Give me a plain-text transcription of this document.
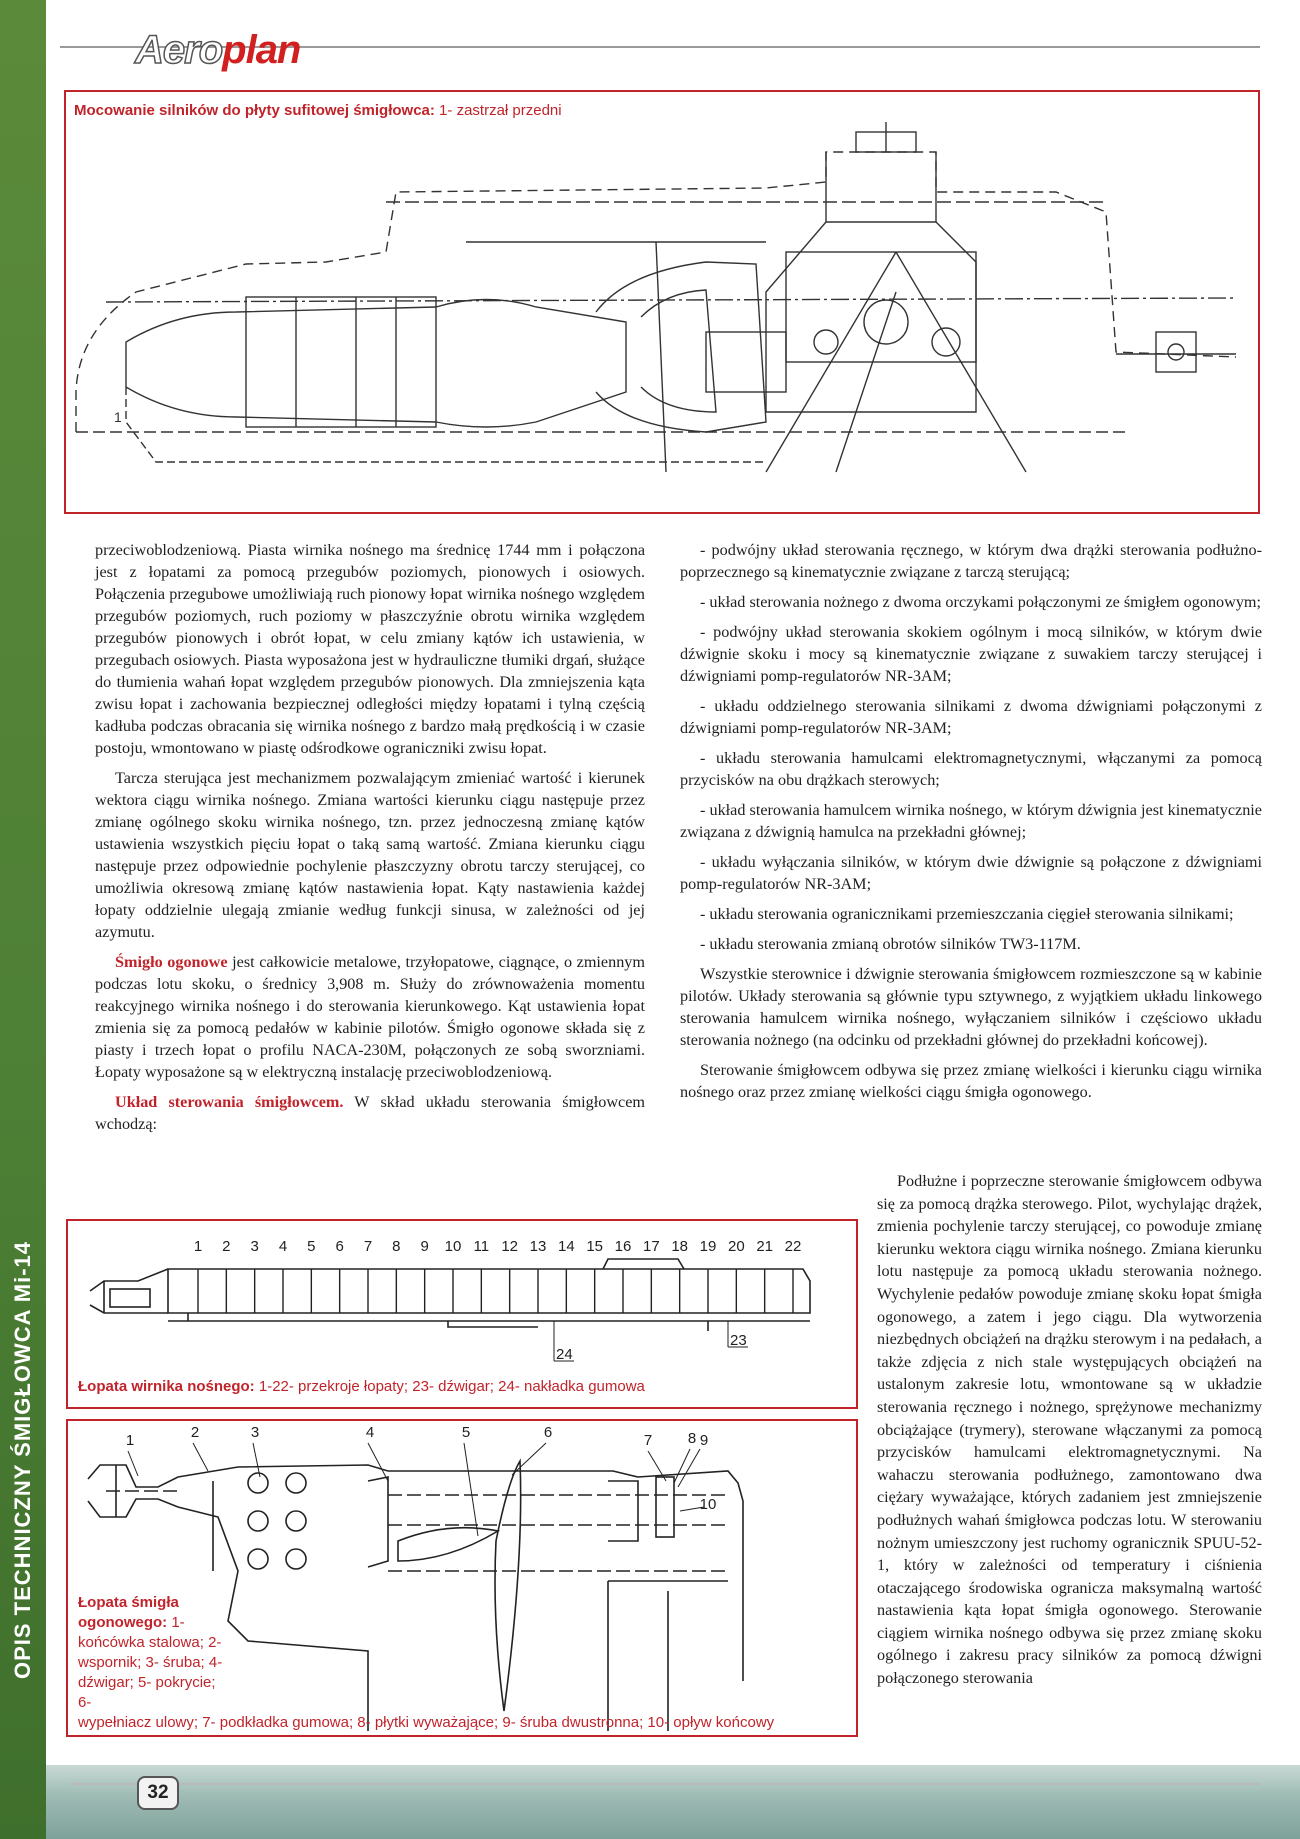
OPIS TECHNICZNY ŚMIGŁOWCA Mi-14
Aeroplan
Mocowanie silników do płyty sufitowej śmigłowca: 1- zastrzał przedni
1

przeciwoblodzeniową. Piasta wirnika nośnego ma średnicę 1744 mm i połączona jest z łopatami za pomocą przegubów poziomych, pionowych i osiowych. Połączenia przegubowe umożliwiają ruch pionowy łopat wirnika nośnego względem przegubów poziomych, ruch poziomy w płaszczyźnie obrotu wirnika względem przegubów pionowych i obrót łopat, w celu zmiany kątów ich ustawienia, w przegubach osiowych. Piasta wyposażona jest w hydrauliczne tłumiki drgań, służące do tłumienia wahań łopat względem przegubów pionowych. Dla zmniejszenia kąta zwisu łopat i zachowania bezpiecznej odległości między łopatami i tylną częścią kadłuba podczas obracania się wirnika nośnego z bardzo małą prędkością i w czasie postoju, wmontowano w piastę odśrodkowe ograniczniki zwisu łopat.

Tarcza sterująca jest mechanizmem pozwalającym zmieniać wartość i kierunek wektora ciągu wirnika nośnego. Zmiana wartości kierunku ciągu następuje przez zmianę ogólnego skoku wirnika nośnego, tzn. przez jednoczesną zmianę kątów ustawienia wszystkich pięciu łopat o taką samą wartość. Zmiana kierunku ciągu następuje przez odpowiednie pochylenie płaszczyzny obrotu tarczy sterującej, co umożliwia okresową zmianę kątów nastawienia łopat. Kąty nastawienia każdej łopaty oddzielnie ulegają zmianie według funkcji sinusa, w zależności od jej azymutu.

Śmigło ogonowe jest całkowicie metalowe, trzyłopatowe, ciągnące, o zmiennym podczas lotu skoku, o średnicy 3,908 m. Służy do zrównoważenia momentu reakcyjnego wirnika nośnego i do sterowania kierunkowego. Kąt ustawienia łopat zmienia się za pomocą pedałów w kabinie pilotów. Śmigło ogonowe składa się z piasty i trzech łopat o profilu NACA-230M, połączonych ze sobą sworzniami. Łopaty wyposażone są w elektryczną instalację przeciwoblodzeniową.

Układ sterowania śmigłowcem. W skład układu sterowania śmigłowcem wchodzą:

- podwójny układ sterowania ręcznego, w którym dwa drążki sterowania podłużno-poprzecznego są kinematycznie związane z tarczą sterującą;

- układ sterowania nożnego z dwoma orczykami połączonymi ze śmigłem ogonowym;

- podwójny układ sterowania skokiem ogólnym i mocą silników, w którym dwie dźwignie skoku i mocy są kinematycznie związane z suwakiem tarczy sterującej i dźwigniami pomp-regulatorów NR-3AM;

- układu oddzielnego sterowania silnikami z dwoma dźwigniami połączonymi z dźwigniami pomp-regulatorów NR-3AM;

- układu sterowania hamulcami elektromagnetycznymi, włączanymi za pomocą przycisków na obu drążkach sterowych;

- układ sterowania hamulcem wirnika nośnego, w którym dźwignia jest kinematycznie związana z dźwignią hamulca na przekładni głównej;

- układu wyłączania silników, w którym dwie dźwignie są połączone z dźwigniami pomp-regulatorów NR-3AM;

- układu sterowania ogranicznikami przemieszczania cięgieł sterowania silnikami;

- układu sterowania zmianą obrotów silników TW3-117M.

Wszystkie sterownice i dźwignie sterowania śmigłowcem rozmieszczone są w kabinie pilotów. Układy sterowania są głównie typu sztywnego, z wyjątkiem układu linkowego sterowania hamulcem wirnika nośnego, wyłączaniem silników i częściowo układu sterowania nożnego (na odcinku od przekładni głównej do przekładni końcowej).

Sterowanie śmigłowcem odbywa się przez zmianę wielkości i kierunku ciągu wirnika nośnego oraz przez zmianę wielkości ciągu śmigła ogonowego.

Podłużne i poprzeczne sterowanie śmigłowcem odbywa się za pomocą drążka sterowego. Pilot, wychylając drążek, zmienia pochylenie tarczy sterującej, co powoduje zmianę kierunku wektora ciągu wirnika nośnego. Zmiana kierunku lotu następuje za pomocą układu sterowania nożnego. Wychylenie pedałów powoduje zmianę skoku łopat śmigła ogonowego, a zatem i jego ciągu. Dla wytworzenia niezbędnych obciążeń na drążku sterowym i na pedałach, a także zdjęcia z nich stale występujących obciążeń na ustalonym zakresie lotu, wmontowane są w układzie sterowania ręcznego i nożnego, sprężynowe mechanizmy obciążające (trymery), sterowane włączanymi za pomocą przycisków hamulcami elektromagnetycznymi. Na wahaczu sterowania podłużnego, zamontowano dwa ciężary wyważające, których zadaniem jest zmniejszenie podłużnych wahań śmigłowca podczas lotu. W sterowaniu nożnym umieszczony jest ruchomy ogranicznik SPUU-52-1, który w zależności od temperatury i ciśnienia otaczającego środowiska ogranicza maksymalną wartość nastawienia kąta łopat śmigła ogonowego. Sterowanie ciągiem wirnika nośnego odbywa się przez zmianę skoku ogólnego i zakresu pracy silników za pomocą dźwigni połączonego sterowania
1 2 3 4 5 6 7 8 9 10 11 12 13 14 15 16 17 18 19 20 21 22
24
23
Łopata wirnika nośnego: 1-22- przekroje łopaty; 23- dźwigar; 24- nakładka gumowa
1	2	3	4	5	6	7 8 9
10
Łopata śmigła ogonowego: 1- końcówka stalowa; 2- wspornik; 3- śruba; 4- dźwigar; 5- pokrycie; 6-
wypełniacz ulowy; 7- podkładka gumowa; 8- płytki wyważające; 9- śruba dwustronna; 10- opływ końcowy
32
